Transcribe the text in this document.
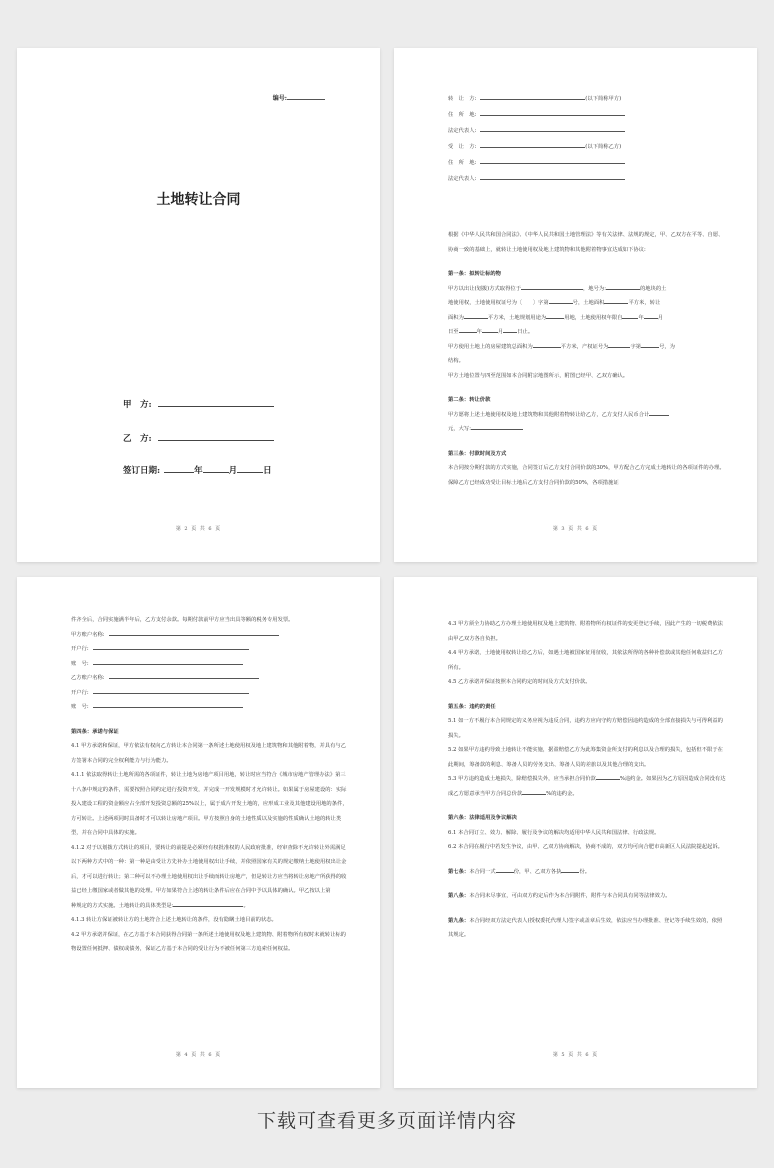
编号:
土地转让合同
甲　方:
乙　方:
签订日期:	年	月	日
第 2 页 共 6 页

转　让　方:	(以下简称甲方)

住　所　地:

法定代表人:

受　让　方:	(以下简称乙方)

住　所　地:

法定代表人:

根据《中华人民共和国合同法》、《中华人民共和国土地管理法》等有关法律、法规的规定，甲、乙双方在平等、自愿、协商一致的基础上，就转让土地使用权及地上建筑物和其他附着物事宜达成如下协议:

第一条：拟转让标的物

甲方以出让(划拨)方式取得位于	，地号为:	的地块的土

地使用权，土地使用权证号为〔　　〕字第	号，土地面积	平方米，转让

面积为	平方米，土地规划用途为	用地，土地使用权年限自	年	月

日至	年	月	日止。

甲方使用土地上的房屋建筑总面积为	平方米，产权证号为	字第	号，为

结构。

甲方土地位置与四至范围如本合同附宗地图所示，附图已经甲、乙双方确认。

第二条：转让价款

甲方愿将上述土地使用权及地上建筑物和其他附着物转让给乙方，乙方支付人民币合计

元，大写:

第三条：付款时间及方式

本合同按分期付款的方式实施，合同签订后乙方支付合同价款的30%，甲方配合乙方完成土地转让的各项证件的办理。保障乙方已经成功受让目标土地后乙方支付合同价款的50%，各项措施证

第 3 页 共 6 页

件齐全后，合同实施满半年后，乙方支付余款。每期付款前甲方应当出具等额的税务专用发票。

甲方账户名称:

开户行:

账　号:

乙方账户名称:

开户行:

账　号:

第四条：承诺与保证

4.1 甲方承诺和保证，甲方依法有权向乙方转让本合同第一条所述土地使用权及地上建筑物和其他附着物，并具有与乙方签署本合同的完全权利能力与行为能力。

4.1.1 依法取得转让土地所需的各项证件，转让土地为房地产项目用地，转让时应当符合《城市房地产管理办法》第三十八条中规定的条件，需要按照合同约定进行投资开发，并完成一开发规模时才允许转让。如果属于房屋建设的：实际投入建设工程的资金额应占全部开发投资总额的25%以上，属于成片开发土地的，应形成工业及其他建设用地的条件，方可转让。上述两项同时具备时才可以转让房地产项目。甲方按照自身的土地性质以及实施的性质确认土地的转让类型，并在合同中具体的实施。

4.1.2 对于以划拨方式转让的项目，要转让的前提是必须经有权批准权的人民政府批准，经审查除不允许转让外需满足以下两种方式中的一种：第一种是由受让方先补办土地使用权出让手续，并依照国家有关的规定缴纳土地使用权出让金后，才可以进行转让；第二种可以不办理土地使用权出让手续而转让房地产，但是转让方应当将转让房地产所获得的收益已经上缴国家或者做其他的处理。甲方如果符合上述的转让条件后应在合同中予以具体的确认。甲乙按以上第

种规定的方式实施。土地转让的具体类型是:	。

4.1.3 转让方保证被转让方的土地符合上述土地转让的条件，没有隐瞒土地目前的状态。

4.2 甲方承诺并保证，在乙方基于本合同获得合同第一条所述土地使用权及地上建筑物、附着物所有权时未就转让标的物设置任何抵押、债权或债务，保证乙方基于本合同的受让行为不被任何第三方追索任何权益。

第 4 页 共 6 页

4.3 甲方须全力协助乙方办理土地使用权及地上建筑物、附着物所有权证件的变更登记手续，因此产生的一切税费依法由甲乙双方各自负担。

4.4 甲方承诺，土地使用权转让给乙方后，如遇土地被国家征用征收，其依法所得的各种补偿款或其他任何收益归乙方所有。

4.5 乙方承诺并保证按照本合同约定的时间及方式支付价款。

第五条：违约的责任

5.1 如一方不履行本合同规定的义务应视为违反合同，违约方应向守约方赔偿因违约造成的全部直接损失与可得利益的损失。

5.2 如果甲方违约导致土地转让不能实施，据盈赔偿乙方为此筹集资金所支付的利息以及合理的损失，包括但不限于在此期间，筹备款的利息、筹备人员的劳务支出、筹备人员的差旅以及其他合理的支出。

5.3 甲方违约造成土地损失，除赔偿损失外，应当承担合同价款	%违约金。如果因为乙方原因造成合同没有达成乙方愿意承当甲方合同总价款	%的违约金。

第六条：法律适用及争议解决

6.1 本合同订立、效力、解除、履行及争议的解决均适用中华人民共和国法律、行政法规。

6.2 本合同在履行中若发生争议，由甲、乙双方协商解决，协商不成的，双方均可向合肥市高新区人民法院提起起诉。

第七条：本合同一式	份，甲、乙双方各执	份。

第八条：本合同未尽事宜，可由双方约定后作为本合同附件，附件与本合同具有同等法律效力。

第九条：本合同经双方法定代表人(授权委托代理人)签字或盖章后生效，依法应当办理批准、登记等手续生效的，依照其规定。

第 5 页 共 6 页
下载可查看更多页面详情内容
